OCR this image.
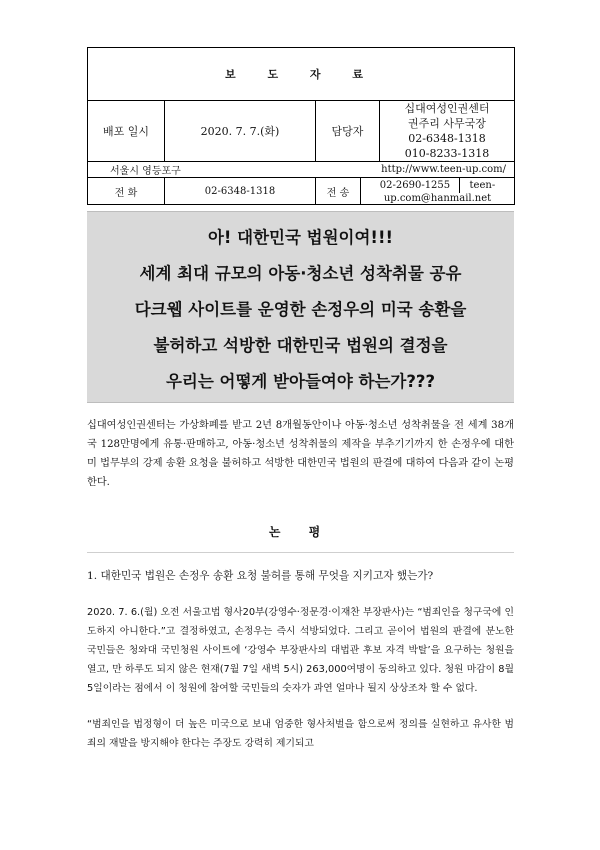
보 도 자 료				
배포 일시	2020. 7. 7.(화)	담당자		십대여성인권센터
권주리 사무국장
02-6348-1318
010-8233-1318

서울시 영등포구		http://www.teen-up.com/		
전 화	02-6348-1318	전 송	02-2690-1255 teen-up.com@hanmail.net	
아! 대한민국 법원이여!!!
세계 최대 규모의 아동·청소년 성착취물 공유
다크웹 사이트를 운영한 손정우의 미국 송환을
불허하고 석방한 대한민국 법원의 결정을
우리는 어떻게 받아들여야 하는가???

십대여성인권센터는 가상화폐를 받고 2년 8개월동안이나 아동·청소년 성착취물을 전 세계 38개국 128만명에게 유통·판매하고, 아동·청소년 성착취물의 제작을 부추기기까지 한 손정우에 대한 미 법무부의 강제 송환 요청을 불허하고 석방한 대한민국 법원의 판결에 대하여 다음과 같이 논평한다.

논 평

1. 대한민국 법원은 손정우 송환 요청 불허를 통해 무엇을 지키고자 했는가?

2020. 7. 6.(월) 오전 서울고법 형사20부(강영수·정문경·이재찬 부장판사)는 “범죄인을 청구국에 인도하지 아니한다.”고 결정하였고, 손정우는 즉시 석방되었다. 그리고 곧이어 법원의 판결에 분노한 국민들은 청와대 국민청원 사이트에 ‘강영수 부장판사의 대법관 후보 자격 박탈’을 요구하는 청원을 열고, 만 하루도 되지 않은 현재(7월 7일 새벽 5시) 263,000여명이 동의하고 있다. 청원 마감이 8월 5일이라는 점에서 이 청원에 참여할 국민들의 숫자가 과연 얼마나 될지 상상조차 할 수 없다.

“범죄인을 법정형이 더 높은 미국으로 보내 엄중한 형사처벌을 함으로써 정의를 실현하고 유사한 범죄의 재발을 방지해야 한다는 주장도 강력히 제기되고
